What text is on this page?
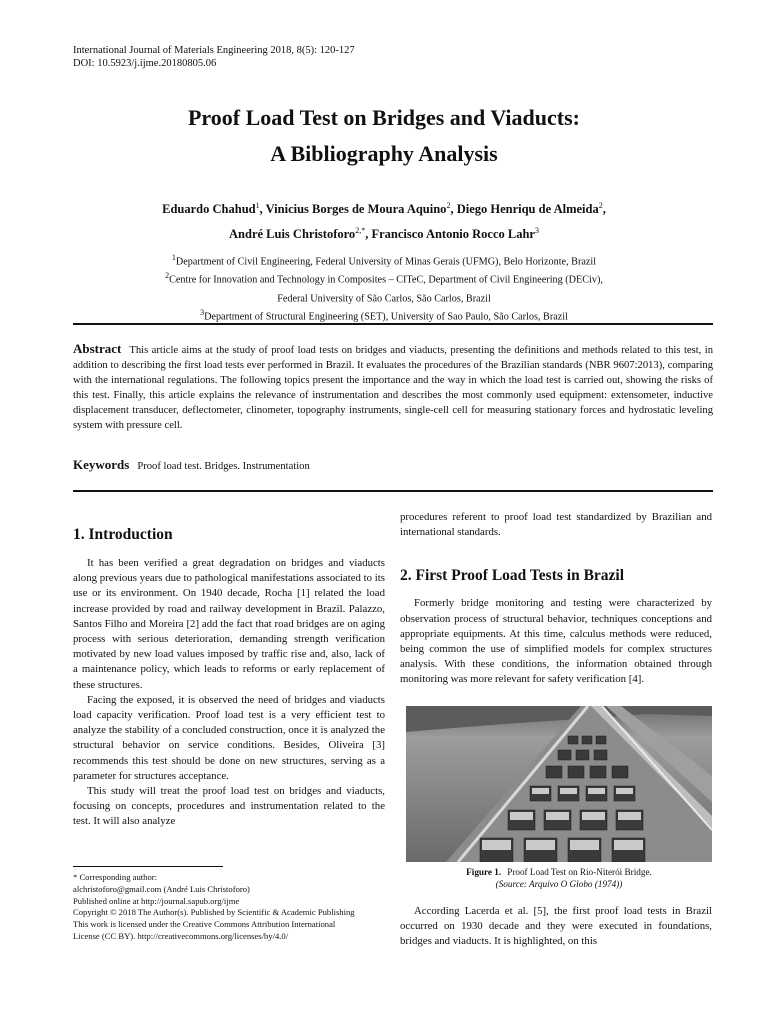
International Journal of Materials Engineering 2018, 8(5): 120-127
DOI: 10.5923/j.ijme.20180805.06
Proof Load Test on Bridges and Viaducts:
A Bibliography Analysis
Eduardo Chahud$^1$, Vinicius Borges de Moura Aquino$^2$, Diego Henriqu de Almeida$^2$,
André Luis Christoforo$^{2,*}$, Francisco Antonio Rocco Lahr$^3$
$^1$Department of Civil Engineering, Federal University of Minas Gerais (UFMG), Belo Horizonte, Brazil
$^2$Centre for Innovation and Technology in Composites – CITeC, Department of Civil Engineering (DECiv),
Federal University of São Carlos, São Carlos, Brazil
$^3$Department of Structural Engineering (SET), University of Sao Paulo, São Carlos, Brazil
Abstract This article aims at the study of proof load tests on bridges and viaducts, presenting the definitions and methods related to this test, in addition to describing the first load tests ever performed in Brazil. It evaluates the procedures of the Brazilian standards (NBR 9607:2013), comparing with the international regulations. The following topics present the importance and the way in which the load test is carried out, showing the risks of this test. Finally, this article explains the relevance of instrumentation and describes the most commonly used equipment: extensometer, inductive displacement transducer, deflectometer, clinometer, topography instruments, single-cell cell for measuring stationary forces and hydrostatic leveling system with pressure cell.
Keywords Proof load test. Bridges. Instrumentation
1. Introduction

It has been verified a great degradation on bridges and viaducts along previous years due to pathological manifestations associated to its use or its environment. On 1940 decade, Rocha [1] related the load increase provided by road and railway development in Brazil. Palazzo, Santos Filho and Moreira [2] add the fact that road bridges are on aging process with serious deterioration, demanding strength verification motivated by new load values imposed by traffic rise and, also, lack of a maintenance policy, which leads to reforms or early replacement of these structures.

Facing the exposed, it is observed the need of bridges and viaducts load capacity verification. Proof load test is a very efficient test to analyze the stability of a concluded construction, once it is analyzed the structural behavior on service conditions. Besides, Oliveira [3] recommends this test should be done on new structures, serving as a parameter for structures acceptance.

This study will treat the proof load test on bridges and viaducts, focusing on concepts, procedures and instrumentation related to the test. It will also analyze

* Corresponding author:
alchristoforo@gmail.com (André Luis Christoforo)
Published online at http://journal.sapub.org/ijme
Copyright © 2018 The Author(s). Published by Scientific & Academic Publishing
This work is licensed under the Creative Commons Attribution International
License (CC BY). http://creativecommons.org/licenses/by/4.0/

procedures referent to proof load test standardized by Brazilian and international standards.

2. First Proof Load Tests in Brazil

Formerly bridge monitoring and testing were characterized by observation process of structural behavior, techniques conceptions and appropriate equipments. At this time, calculus methods were reduced, being common the use of simplified models for complex structures analysis. With these conditions, the information obtained through monitoring was more relevant for safety verification [4].

Figure 1. Proof Load Test on Rio-Niterói Bridge.
(Source: Arquivo O Globo (1974))

According Lacerda et al. [5], the first proof load tests in Brazil occurred on 1930 decade and they were executed in foundations, bridges and viaducts. It is highlighted, on this
